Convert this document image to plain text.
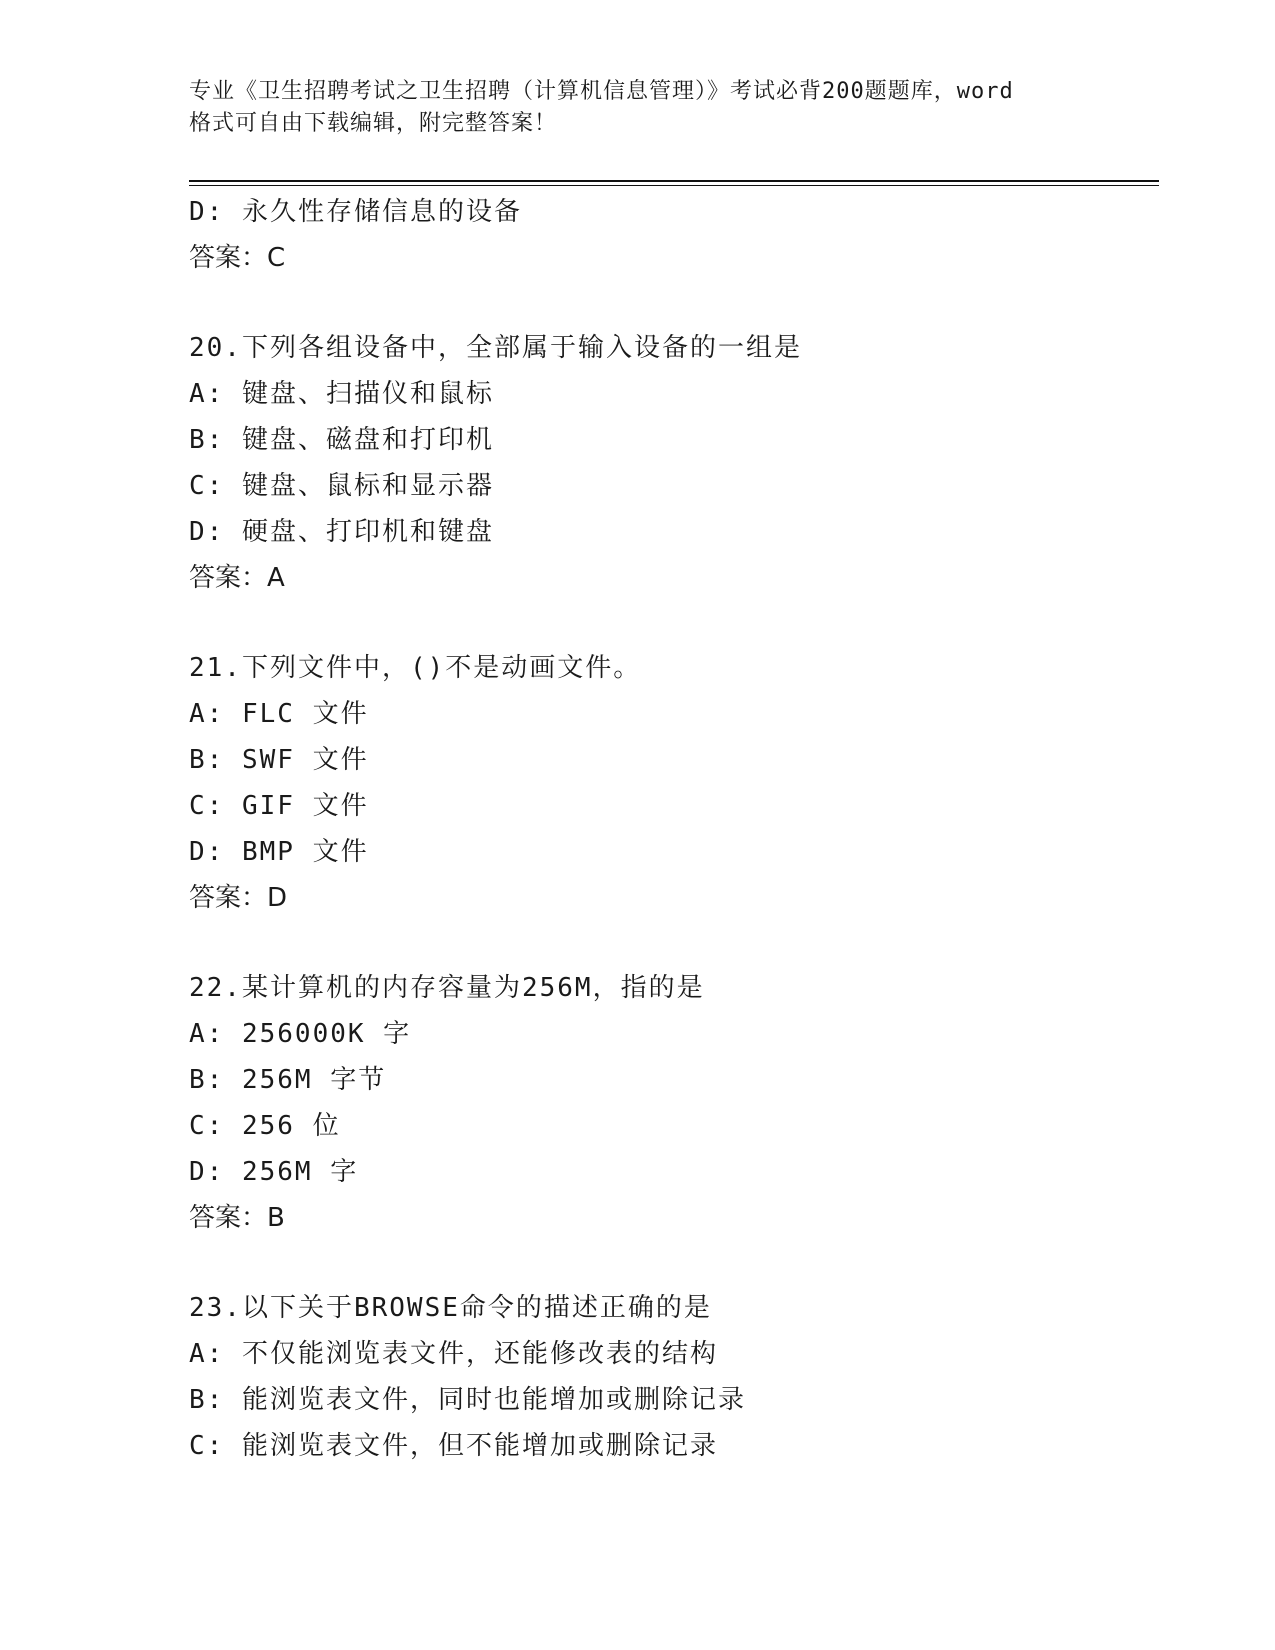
专业《卫生招聘考试之卫生招聘（计算机信息管理）》考试必背200题题库，word
格式可自由下载编辑，附完整答案！
D: 永久性存储信息的设备
答案：C
20.下列各组设备中，全部属于输入设备的一组是
A: 键盘、扫描仪和鼠标
B: 键盘、磁盘和打印机
C: 键盘、鼠标和显示器
D: 硬盘、打印机和键盘
答案：A
21.下列文件中，()不是动画文件。
A: FLC 文件
B: SWF 文件
C: GIF 文件
D: BMP 文件
答案：D
22.某计算机的内存容量为256M，指的是
A: 256000K 字
B: 256M 字节
C: 256 位
D: 256M 字
答案：B
23.以下关于BROWSE命令的描述正确的是
A: 不仅能浏览表文件，还能修改表的结构
B: 能浏览表文件，同时也能增加或删除记录
C: 能浏览表文件，但不能增加或删除记录
